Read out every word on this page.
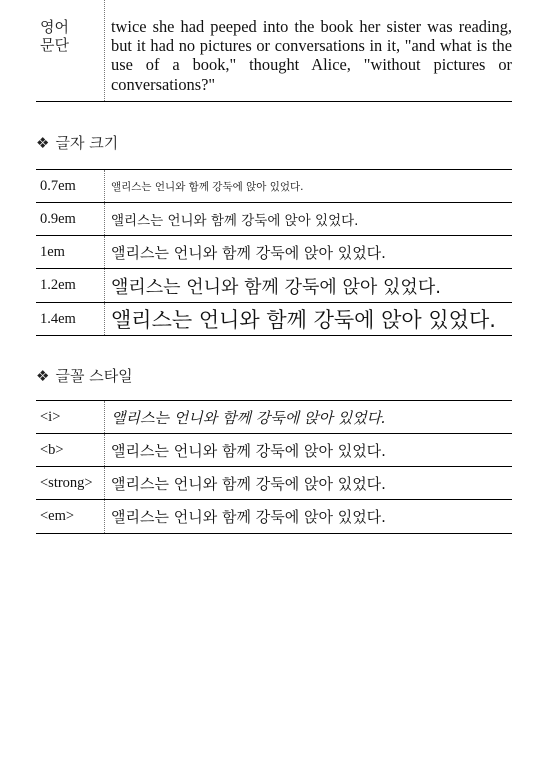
영어
문단	twice she had peeped into the book her sister was reading, but it had no pictures or conversations in it, "and what is the use of a book," thought Alice, "without pictures or conversations?"
❖ 글자 크기
0.7em	앨리스는 언니와 함께 강둑에 앉아 있었다.
0.9em	앨리스는 언니와 함께 강둑에 앉아 있었다.
1em	앨리스는 언니와 함께 강둑에 앉아 있었다.
1.2em	앨리스는 언니와 함께 강둑에 앉아 있었다.
1.4em	앨리스는 언니와 함께 강둑에 앉아 있었다.
❖ 글꼴 스타일
<i>	앨리스는 언니와 함께 강둑에 앉아 있었다.
<b>	앨리스는 언니와 함께 강둑에 앉아 있었다.
<strong>	앨리스는 언니와 함께 강둑에 앉아 있었다.
<em>	앨리스는 언니와 함께 강둑에 앉아 있었다.
